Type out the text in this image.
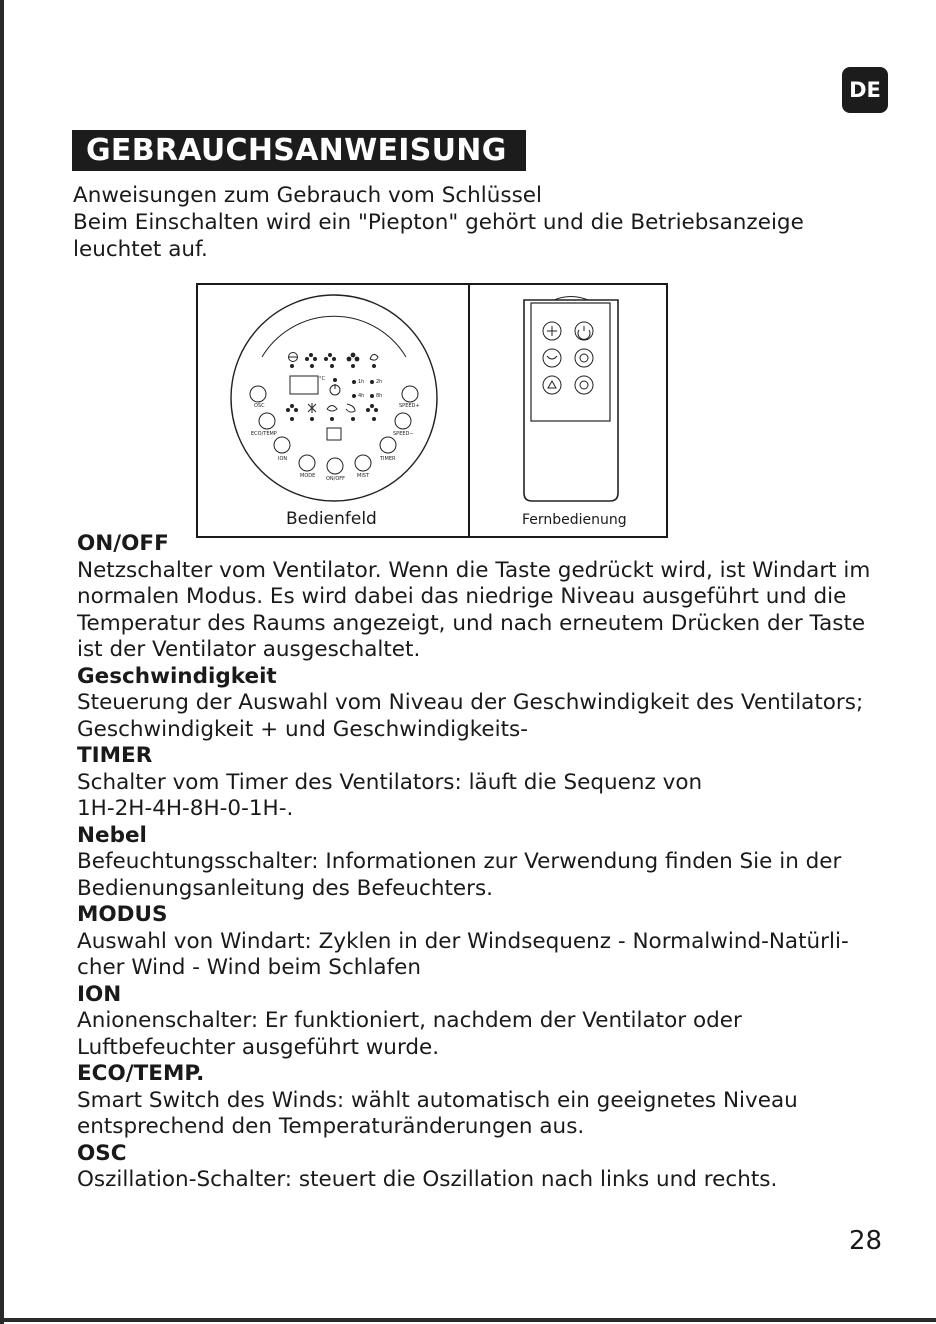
DE
GEBRAUCHSANWEISUNG
Anweisungen zum Gebrauch vom Schlüssel
Beim Einschalten wird ein "Piepton" gehört und die Betriebsanzeige
leuchtet auf.
OSC	SPEED+
ECO/TEMP	SPEED−
ION	TIMER
MODE ON/OFF MIST
1h 2h
4h 8h
°C
Bedienfeld	Fernbedienung
ON/OFF
Netzschalter vom Ventilator. Wenn die Taste gedrückt wird, ist Windart im
normalen Modus. Es wird dabei das niedrige Niveau ausgeführt und die
Temperatur des Raums angezeigt, und nach erneutem Drücken der Taste
ist der Ventilator ausgeschaltet.
Geschwindigkeit
Steuerung der Auswahl vom Niveau der Geschwindigkeit des Ventilators;
Geschwindigkeit + und Geschwindigkeits-
TIMER
Schalter vom Timer des Ventilators: läuft die Sequenz von
1H-2H-4H-8H-0-1H-.
Nebel
Befeuchtungsschalter: Informationen zur Verwendung finden Sie in der
Bedienungsanleitung des Befeuchters.
MODUS
Auswahl von Windart: Zyklen in der Windsequenz - Normalwind-Natürli-
cher Wind - Wind beim Schlafen
ION
Anionenschalter: Er funktioniert, nachdem der Ventilator oder
Luftbefeuchter ausgeführt wurde.
ECO/TEMP.
Smart Switch des Winds: wählt automatisch ein geeignetes Niveau
entsprechend den Temperaturänderungen aus.
OSC
Oszillation-Schalter: steuert die Oszillation nach links und rechts.
28
